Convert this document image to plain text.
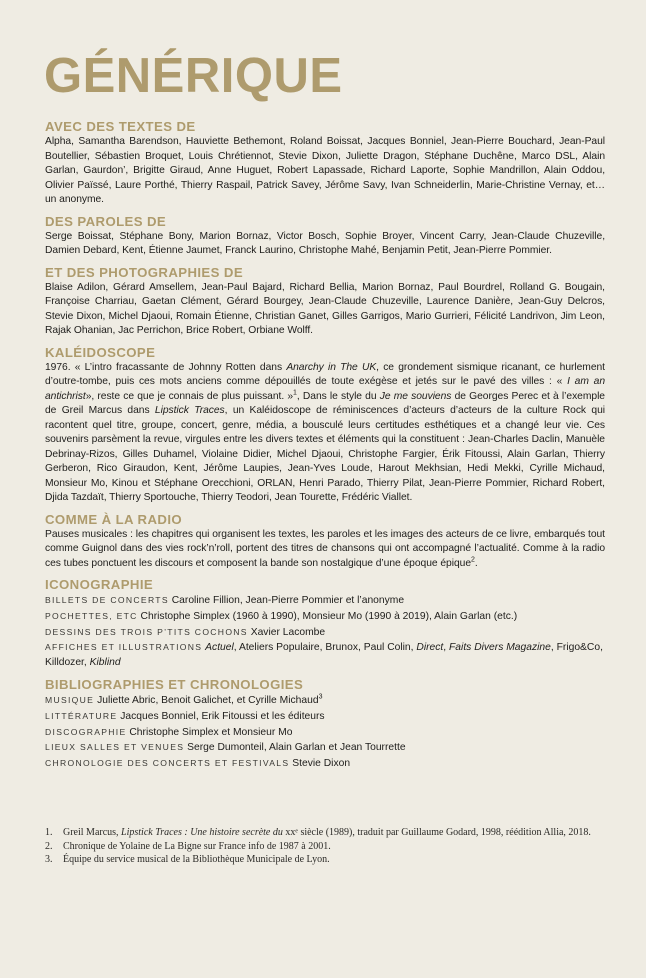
GÉNÉRIQUE
AVEC DES TEXTES DE

Alpha, Samantha Barendson, Hauviette Bethemont, Roland Boissat, Jacques Bonniel, Jean-Pierre Bouchard, Jean-Paul Boutellier, Sébastien Broquet, Louis Chrétiennot, Stevie Dixon, Juliette Dragon, Stéphane Duchêne, Marco DSL, Alain Garlan, Gaurdon’, Brigitte Giraud, Anne Huguet, Robert Lapassade, Richard Laporte, Sophie Mandrillon, Alain Oddou, Olivier Païssé, Laure Porthé, Thierry Raspail, Patrick Savey, Jérôme Savy, Ivan Schneiderlin, Marie-Christine Vernay, et… un anonyme.

DES PAROLES DE

Serge Boissat, Stéphane Bony, Marion Bornaz, Victor Bosch, Sophie Broyer, Vincent Carry, Jean-Claude Chuzeville, Damien Debard, Kent, Étienne Jaumet, Franck Laurino, Christophe Mahé, Benjamin Petit, Jean-Pierre Pommier.

ET DES PHOTOGRAPHIES DE

Blaise Adilon, Gérard Amsellem, Jean-Paul Bajard, Richard Bellia, Marion Bornaz, Paul Bourdrel, Rolland G. Bougain, Françoise Charriau, Gaetan Clément, Gérard Bourgey, Jean-Claude Chuzeville, Laurence Danière, Jean-Guy Delcros, Stevie Dixon, Michel Djaoui, Romain Étienne, Christian Ganet, Gilles Garrigos, Mario Gurrieri, Félicité Landrivon, Jim Leon, Rajak Ohanian, Jac Perrichon, Brice Robert, Orbiane Wolff.

KALÉIDOSCOPE

1976. « L’intro fracassante de Johnny Rotten dans Anarchy in The UK, ce grondement sismique ricanant, ce hurlement d’outre-tombe, puis ces mots anciens comme dépouillés de toute exégèse et jetés sur le pavé des villes : « I am an antichrist», reste ce que je connais de plus puissant. »$^1$, Dans le style du Je me souviens de Georges Perec et à l’exemple de Greil Marcus dans Lipstick Traces, un Kaléidoscope de réminiscences d’acteurs d’acteurs de la culture Rock qui racontent quel titre, groupe, concert, genre, média, a bousculé leurs certitudes esthétiques et a changé leur vie. Ces souvenirs parsèment la revue, virgules entre les divers textes et éléments qui la constituent : Jean-Charles Daclin, Manuèle Debrinay-Rizos, Gilles Duhamel, Violaine Didier, Michel Djaoui, Christophe Fargier, Érik Fitoussi, Alain Garlan, Thierry Gerberon, Rico Giraudon, Kent, Jérôme Laupies, Jean-Yves Loude, Harout Mekhsian, Hedi Mekki, Cyrille Michaud, Monsieur Mo, Kinou et Stéphane Orecchioni, ORLAN, Henri Parado, Thierry Pilat, Jean-Pierre Pommier, Richard Robert, Djida Tazdaït, Thierry Sportouche, Thierry Teodori, Jean Tourette, Frédéric Viallet.

COMME À LA RADIO

Pauses musicales : les chapitres qui organisent les textes, les paroles et les images des acteurs de ce livre, embarqués tout comme Guignol dans des vies rock’n’roll, portent des titres de chansons qui ont accompagné l’actualité. Comme à la radio ces tubes ponctuent les discours et composent la bande son nostalgique d’une époque épique$^2$.

ICONOGRAPHIE

BILLETS DE CONCERTS Caroline Fillion, Jean-Pierre Pommier et l’anonyme

POCHETTES, ETC Christophe Simplex (1960 à 1990), Monsieur Mo (1990 à 2019), Alain Garlan (etc.)

DESSINS DES TROIS P’TITS COCHONS Xavier Lacombe

AFFICHES ET ILLUSTRATIONS Actuel, Ateliers Populaire, Brunox, Paul Colin, Direct, Faits Divers Magazine, Frigo&Co, Killdozer, Kiblind

BIBLIOGRAPHIES ET CHRONOLOGIES

MUSIQUE Juliette Abric, Benoit Galichet, et Cyrille Michaud$^3$

LITTÉRATURE Jacques Bonniel, Erik Fitoussi et les éditeurs

DISCOGRAPHIE Christophe Simplex et Monsieur Mo

LIEUX SALLES ET VENUES Serge Dumonteil, Alain Garlan et Jean Tourrette

CHRONOLOGIE DES CONCERTS ET FESTIVALS Stevie Dixon

1.	Greil Marcus, Lipstick Traces : Une histoire secrète du xxᵉ siècle (1989), traduit par Guillaume Godard, 1998, réédition Allia, 2018.
2.	Chronique de Yolaine de La Bigne sur France info de 1987 à 2001.
3.	Équipe du service musical de la Bibliothèque Municipale de Lyon.
